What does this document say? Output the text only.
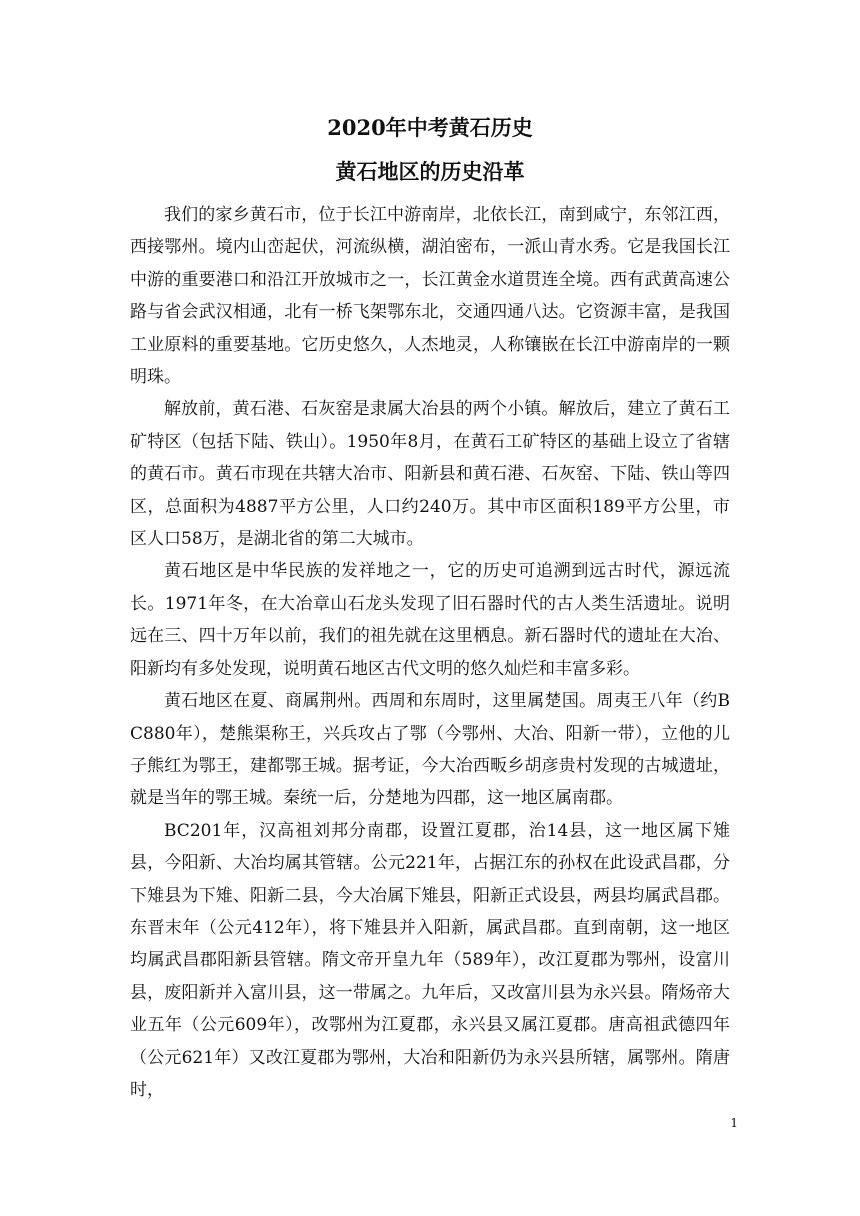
2020年中考黄石历史
黄石地区的历史沿革

我们的家乡黄石市，位于长江中游南岸，北依长江，南到咸宁，东邻江西，西接鄂州。境内山峦起伏，河流纵横，湖泊密布，一派山青水秀。它是我国长江中游的重要港口和沿江开放城市之一，长江黄金水道贯连全境。西有武黄高速公路与省会武汉相通，北有一桥飞架鄂东北，交通四通八达。它资源丰富，是我国工业原料的重要基地。它历史悠久，人杰地灵，人称镶嵌在长江中游南岸的一颗明珠。

解放前，黄石港、石灰窑是隶属大冶县的两个小镇。解放后，建立了黄石工矿特区（包括下陆、铁山）。1950年8月，在黄石工矿特区的基础上设立了省辖的黄石市。黄石市现在共辖大冶市、阳新县和黄石港、石灰窑、下陆、铁山等四区，总面积为4887平方公里，人口约240万。其中市区面积189平方公里，市区人口58万，是湖北省的第二大城市。

黄石地区是中华民族的发祥地之一，它的历史可追溯到远古时代，源远流长。1971年冬，在大冶章山石龙头发现了旧石器时代的古人类生活遗址。说明远在三、四十万年以前，我们的祖先就在这里栖息。新石器时代的遗址在大冶、阳新均有多处发现，说明黄石地区古代文明的悠久灿烂和丰富多彩。

黄石地区在夏、商属荆州。西周和东周时，这里属楚国。周夷王八年（约BC880年），楚熊渠称王，兴兵攻占了鄂（今鄂州、大冶、阳新一带），立他的儿子熊红为鄂王，建都鄂王城。据考证，今大冶西畈乡胡彦贵村发现的古城遗址，就是当年的鄂王城。秦统一后，分楚地为四郡，这一地区属南郡。

BC201年，汉高祖刘邦分南郡，设置江夏郡，治14县，这一地区属下雉县，今阳新、大冶均属其管辖。公元221年，占据江东的孙权在此设武昌郡，分下雉县为下雉、阳新二县，今大冶属下雉县，阳新正式设县，两县均属武昌郡。东晋末年（公元412年），将下雉县并入阳新，属武昌郡。直到南朝，这一地区均属武昌郡阳新县管辖。隋文帝开皇九年（589年），改江夏郡为鄂州，设富川县，废阳新并入富川县，这一带属之。九年后，又改富川县为永兴县。隋炀帝大业五年（公元609年），改鄂州为江夏郡，永兴县又属江夏郡。唐高祖武德四年（公元621年）又改江夏郡为鄂州，大冶和阳新仍为永兴县所辖，属鄂州。隋唐时，

1
